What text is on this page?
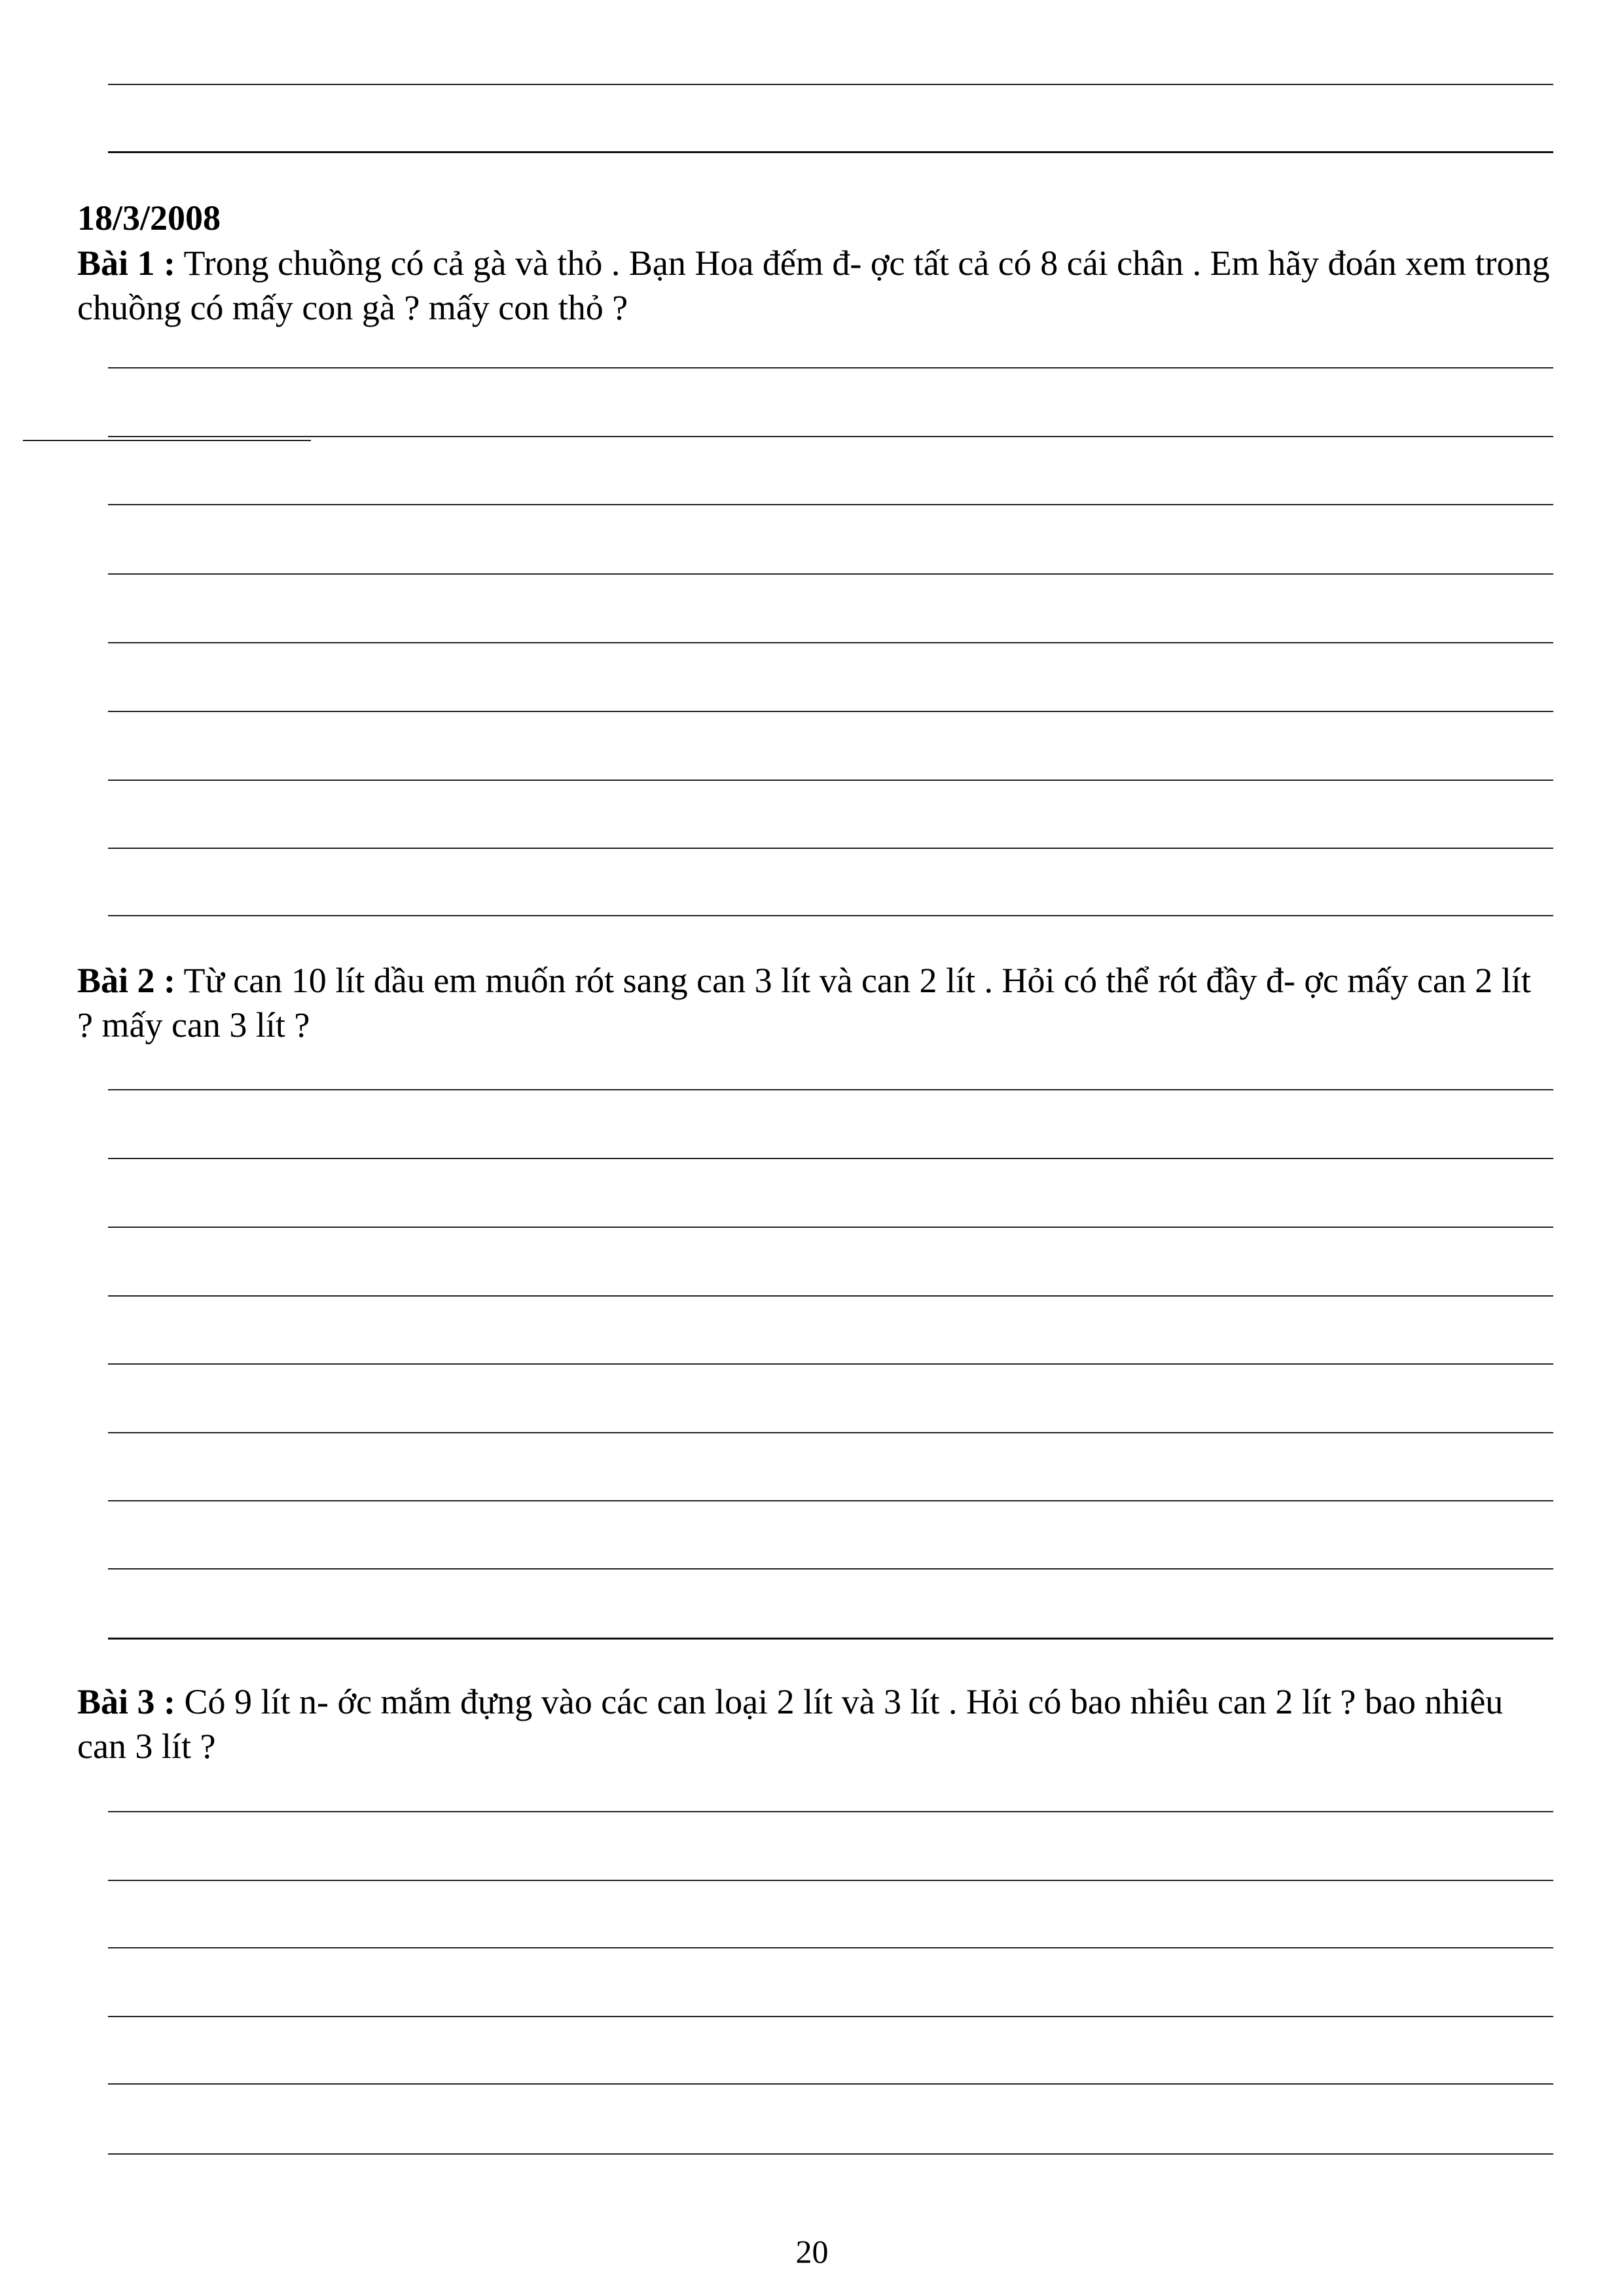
18/3/2008
Bài 1 : Trong chuồng có cả gà và thỏ . Bạn Hoa đếm đ- ợc tất cả có 8 cái chân . Em hãy đoán xem trong chuồng có mấy con gà ? mấy con thỏ ?
Bài 2 : Từ can 10 lít dầu em muốn rót sang can 3 lít và can 2 lít . Hỏi có thể rót đầy đ- ợc mấy can 2 lít ? mấy can 3 lít ?
Bài 3 : Có 9 lít n- ớc mắm đựng vào các can loại 2 lít và 3 lít . Hỏi có bao nhiêu can 2 lít ? bao nhiêu can 3 lít ?
20
